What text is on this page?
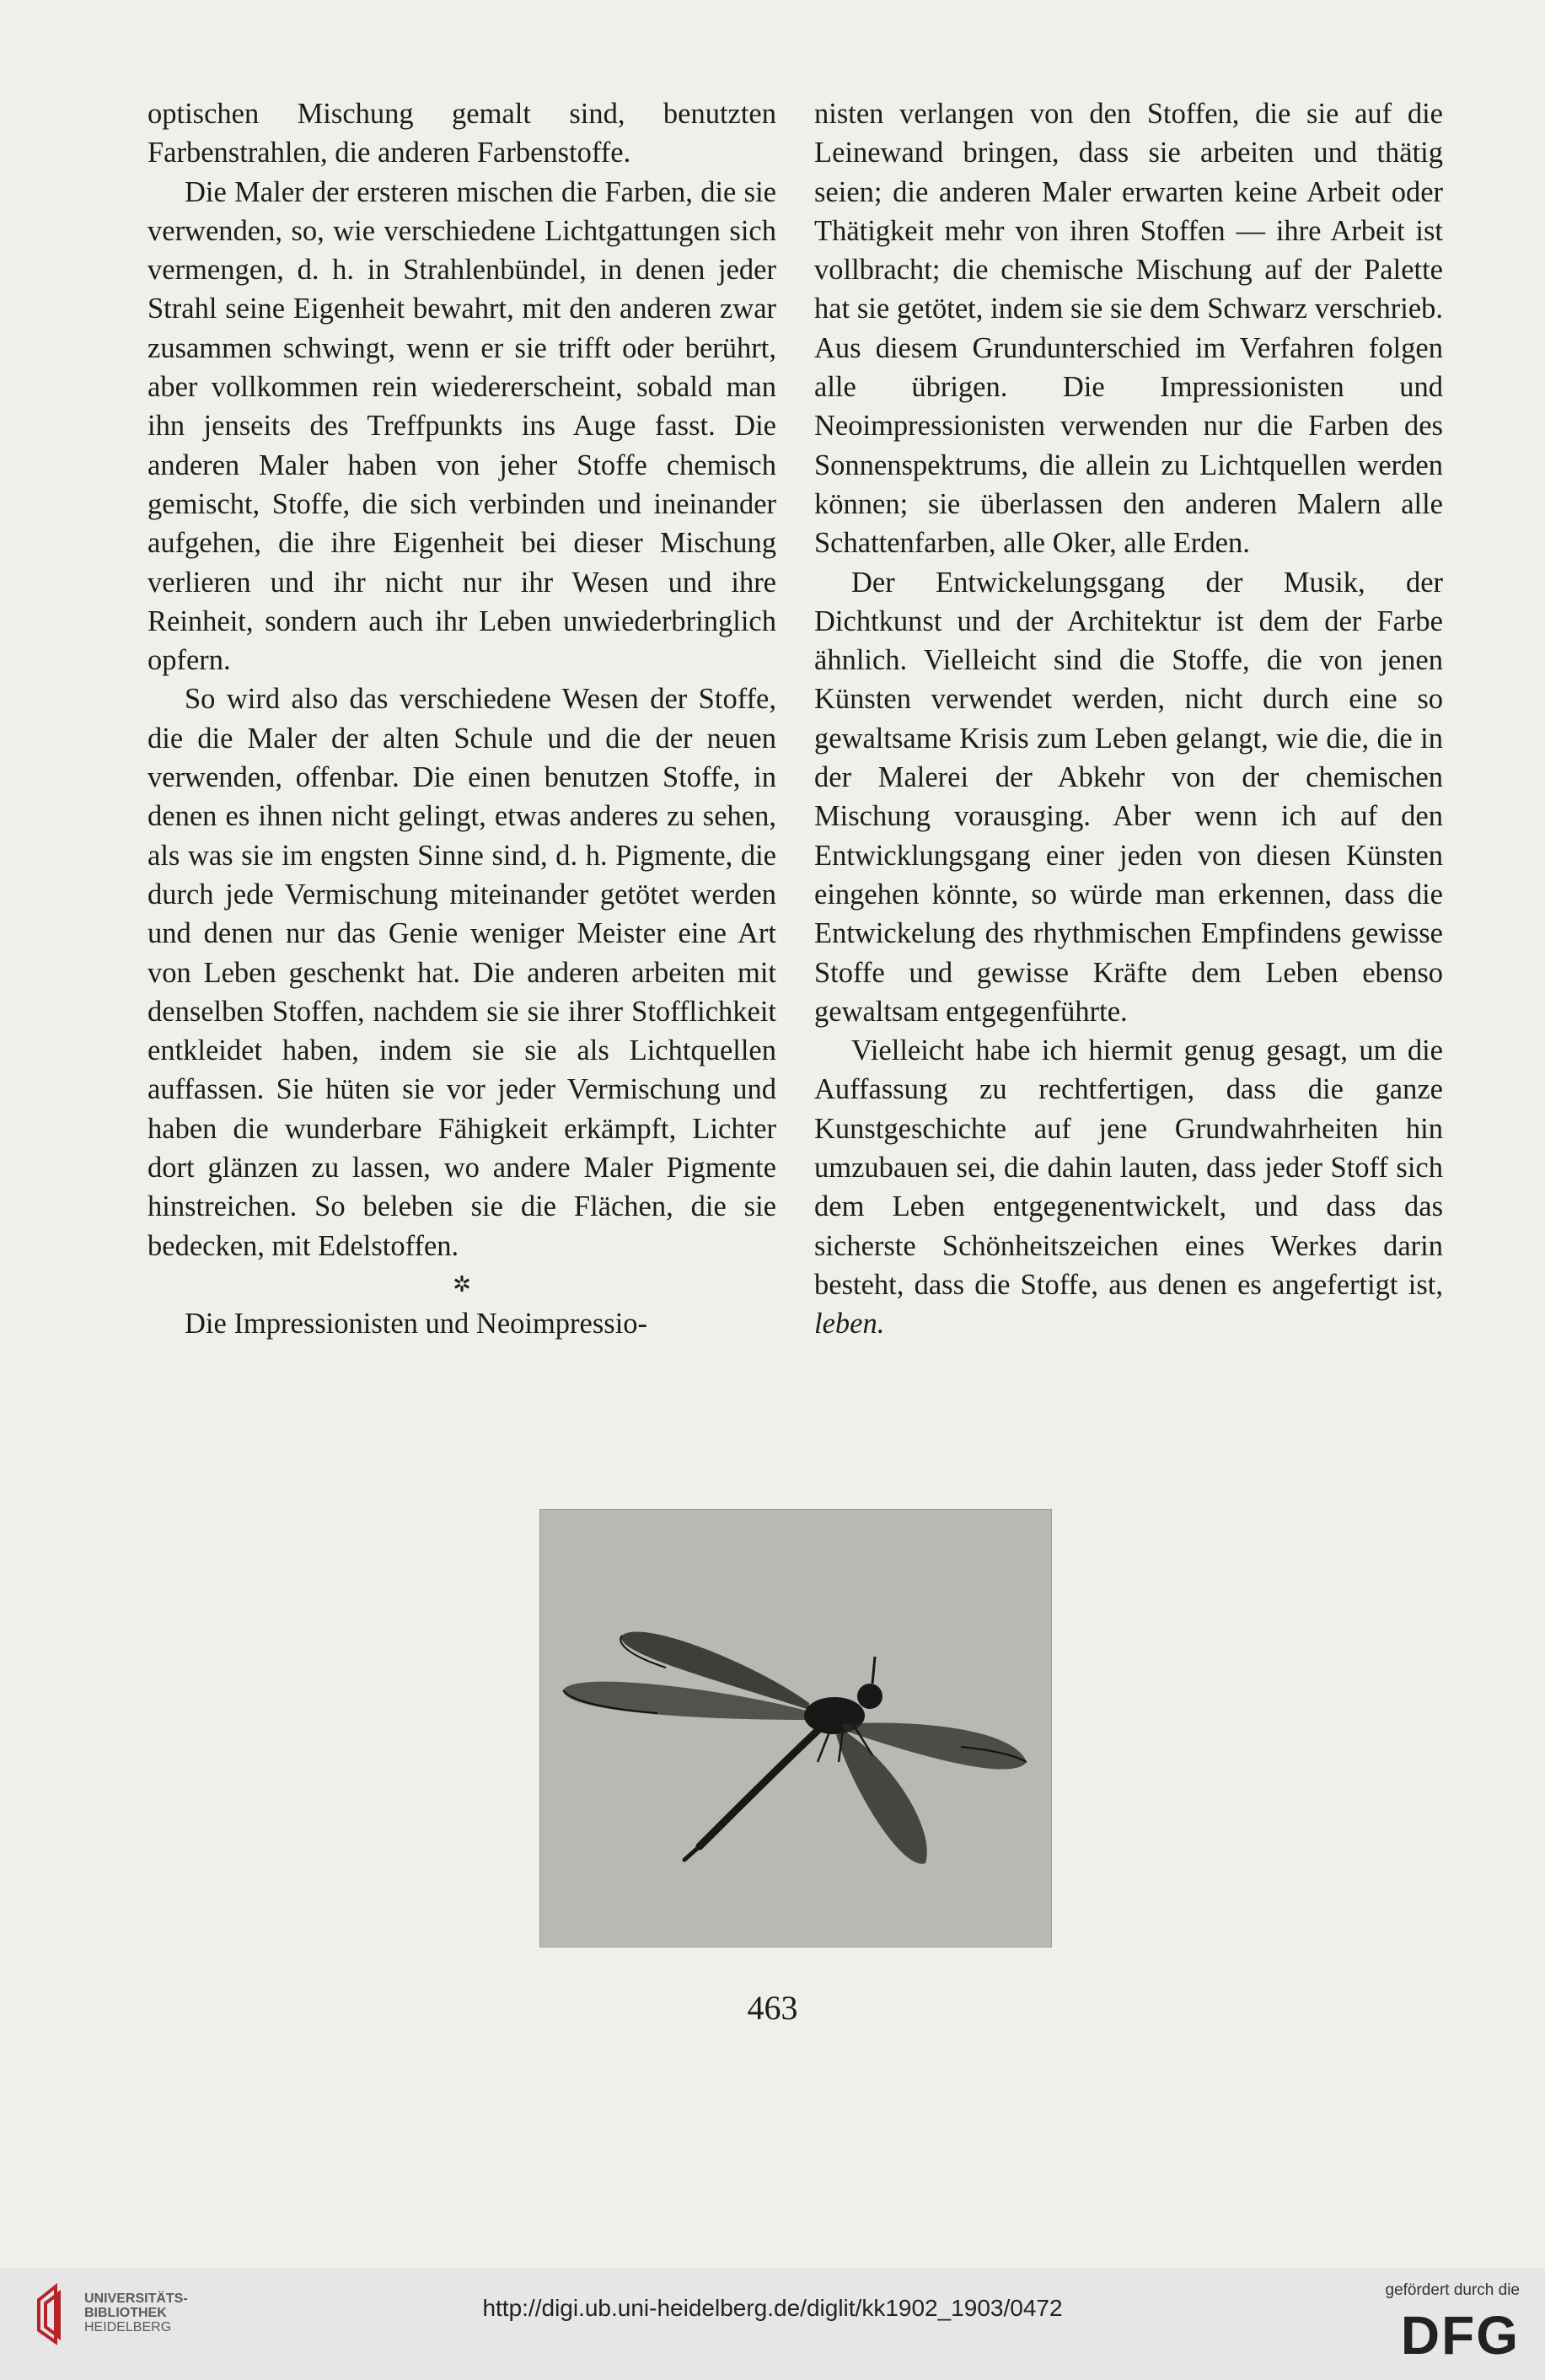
optischen Mischung gemalt sind, benutzten Farbenstrahlen, die anderen Farbenstoffe.

Die Maler der ersteren mischen die Farben, die sie verwenden, so, wie verschiedene Lichtgattungen sich vermengen, d. h. in Strahlenbündel, in denen jeder Strahl seine Eigenheit bewahrt, mit den anderen zwar zusammen schwingt, wenn er sie trifft oder berührt, aber vollkommen rein wiedererscheint, sobald man ihn jenseits des Treffpunkts ins Auge fasst. Die anderen Maler haben von jeher Stoffe chemisch gemischt, Stoffe, die sich verbinden und ineinander aufgehen, die ihre Eigenheit bei dieser Mischung verlieren und ihr nicht nur ihr Wesen und ihre Reinheit, sondern auch ihr Leben unwiederbringlich opfern.

So wird also das verschiedene Wesen der Stoffe, die die Maler der alten Schule und die der neuen verwenden, offenbar. Die einen benutzen Stoffe, in denen es ihnen nicht gelingt, etwas anderes zu sehen, als was sie im engsten Sinne sind, d. h. Pigmente, die durch jede Vermischung miteinander getötet werden und denen nur das Genie weniger Meister eine Art von Leben geschenkt hat. Die anderen arbeiten mit denselben Stoffen, nachdem sie sie ihrer Stofflichkeit entkleidet haben, indem sie sie als Lichtquellen auffassen. Sie hüten sie vor jeder Vermischung und haben die wunderbare Fähigkeit erkämpft, Lichter dort glänzen zu lassen, wo andere Maler Pigmente hinstreichen. So beleben sie die Flächen, die sie bedecken, mit Edelstoffen.

✲

Die Impressionisten und Neoimpressio-

nisten verlangen von den Stoffen, die sie auf die Leinewand bringen, dass sie arbeiten und thätig seien; die anderen Maler erwarten keine Arbeit oder Thätigkeit mehr von ihren Stoffen — ihre Arbeit ist vollbracht; die chemische Mischung auf der Palette hat sie getötet, indem sie sie dem Schwarz verschrieb. Aus diesem Grundunterschied im Verfahren folgen alle übrigen. Die Impressionisten und Neoimpressionisten verwenden nur die Farben des Sonnenspektrums, die allein zu Lichtquellen werden können; sie überlassen den anderen Malern alle Schattenfarben, alle Oker, alle Erden.

Der Entwickelungsgang der Musik, der Dichtkunst und der Architektur ist dem der Farbe ähnlich. Vielleicht sind die Stoffe, die von jenen Künsten verwendet werden, nicht durch eine so gewaltsame Krisis zum Leben gelangt, wie die, die in der Malerei der Abkehr von der chemischen Mischung vorausging. Aber wenn ich auf den Entwicklungsgang einer jeden von diesen Künsten eingehen könnte, so würde man erkennen, dass die Entwickelung des rhythmischen Empfindens gewisse Stoffe und gewisse Kräfte dem Leben ebenso gewaltsam entgegenführte.

Vielleicht habe ich hiermit genug gesagt, um die Auffassung zu rechtfertigen, dass die ganze Kunstgeschichte auf jene Grundwahrheiten hin umzubauen sei, die dahin lauten, dass jeder Stoff sich dem Leben entgegenentwickelt, und dass das sicherste Schönheitszeichen eines Werkes darin besteht, dass die Stoffe, aus denen es angefertigt ist, leben.

463
UNIVERSITÄTS-
BIBLIOTHEK
HEIDELBERG
http://digi.ub.uni-heidelberg.de/diglit/kk1902_1903/0472
gefördert durch die
DFG
